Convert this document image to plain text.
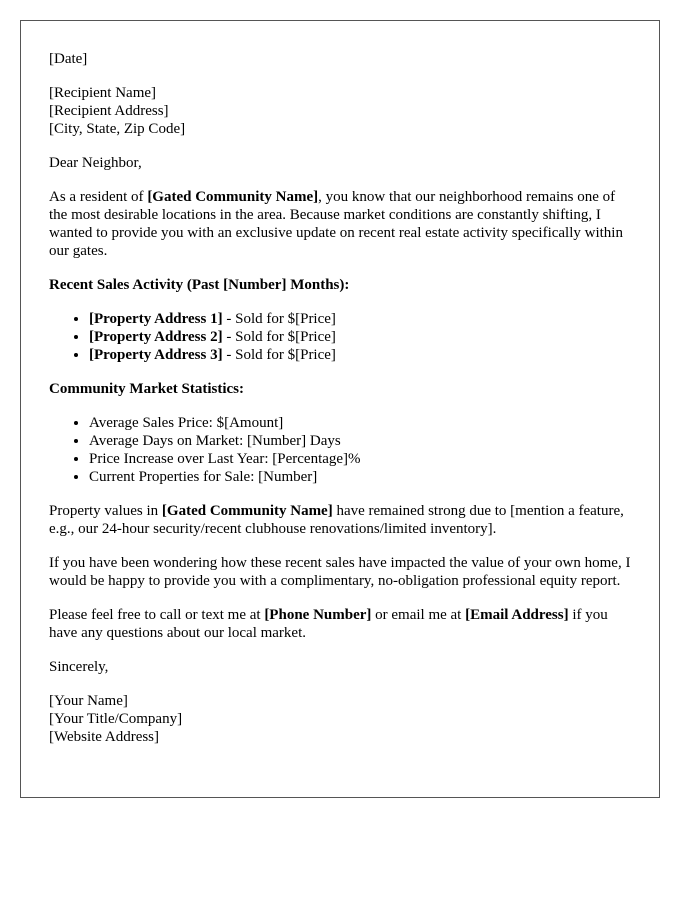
[Date]

[Recipient Name]
[Recipient Address]
[City, State, Zip Code]

Dear Neighbor,

As a resident of [Gated Community Name], you know that our neighborhood remains one of the most desirable locations in the area. Because market conditions are constantly shifting, I wanted to provide you with an exclusive update on recent real estate activity specifically within our gates.

Recent Sales Activity (Past [Number] Months):

• [Property Address 1] - Sold for $[Price]
• [Property Address 2] - Sold for $[Price]
• [Property Address 3] - Sold for $[Price]

Community Market Statistics:

• Average Sales Price: $[Amount]
• Average Days on Market: [Number] Days
• Price Increase over Last Year: [Percentage]%
• Current Properties for Sale: [Number]

Property values in [Gated Community Name] have remained strong due to [mention a feature, e.g., our 24-hour security/recent clubhouse renovations/limited inventory].

If you have been wondering how these recent sales have impacted the value of your own home, I would be happy to provide you with a complimentary, no-obligation professional equity report.

Please feel free to call or text me at [Phone Number] or email me at [Email Address] if you have any questions about our local market.

Sincerely,

[Your Name]
[Your Title/Company]
[Website Address]
